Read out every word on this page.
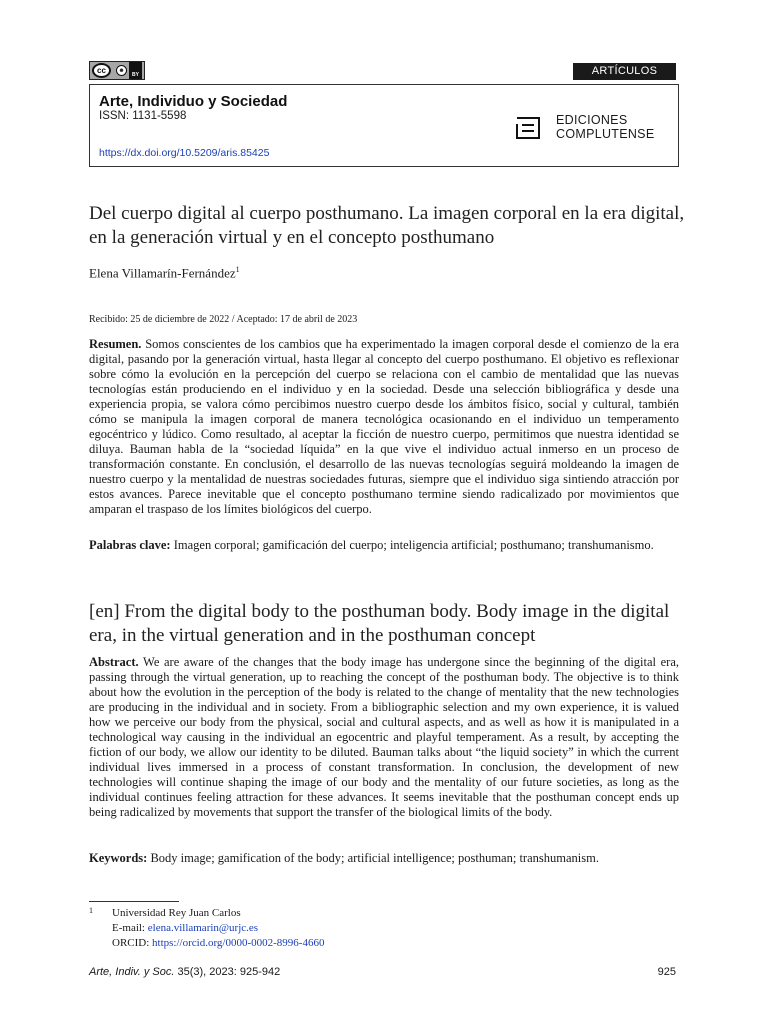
cc	☻
BY	ARTÍCULOS
Arte, Individuo y Sociedad
ISSN: 1131-5598
https://dx.doi.org/10.5209/aris.85425
EDICIONES
COMPLUTENSE
Del cuerpo digital al cuerpo posthumano. La imagen corporal en la era digital, en la generación virtual y en el concepto posthumano
Elena Villamarín-Fernández$^1$
Recibido: 25 de diciembre de 2022 / Aceptado: 17 de abril de 2023
Resumen. Somos conscientes de los cambios que ha experimentado la imagen corporal desde el comienzo de la era digital, pasando por la generación virtual, hasta llegar al concepto del cuerpo posthumano. El objetivo es reflexionar sobre cómo la evolución en la percepción del cuerpo se relaciona con el cambio de mentalidad que las nuevas tecnologías están produciendo en el individuo y en la sociedad. Desde una selección bibliográfica y desde una experiencia propia, se valora cómo percibimos nuestro cuerpo desde los ámbitos físico, social y cultural, también cómo se manipula la imagen corporal de manera tecnológica ocasionando en el individuo un temperamento egocéntrico y lúdico. Como resultado, al aceptar la ficción de nuestro cuerpo, permitimos que nuestra identidad se diluya. Bauman habla de la “sociedad líquida” en la que vive el individuo actual inmerso en un proceso de transformación constante. En conclusión, el desarrollo de las nuevas tecnologías seguirá moldeando la imagen de nuestro cuerpo y la mentalidad de nuestras sociedades futuras, siempre que el individuo siga sintiendo atracción por estos avances. Parece inevitable que el concepto posthumano termine siendo radicalizado por movimientos que amparan el traspaso de los límites biológicos del cuerpo.
Palabras clave: Imagen corporal; gamificación del cuerpo; inteligencia artificial; posthumano; transhumanismo.
[en] From the digital body to the posthuman body. Body image in the digital era, in the virtual generation and in the posthuman concept
Abstract. We are aware of the changes that the body image has undergone since the beginning of the digital era, passing through the virtual generation, up to reaching the concept of the posthuman body. The objective is to think about how the evolution in the perception of the body is related to the change of mentality that the new technologies are producing in the individual and in society. From a bibliographic selection and my own experience, it is valued how we perceive our body from the physical, social and cultural aspects, and as well as how it is manipulated in a technological way causing in the individual an egocentric and playful temperament. As a result, by accepting the fiction of our body, we allow our identity to be diluted. Bauman talks about “the liquid society” in which the current individual lives immersed in a process of constant transformation. In conclusion, the development of new technologies will continue shaping the image of our body and the mentality of our future societies, as long as the individual continues feeling attraction for these advances. It seems inevitable that the posthuman concept ends up being radicalized by movements that support the transfer of the biological limits of the body.
Keywords: Body image; gamification of the body; artificial intelligence; posthuman; transhumanism.
1 Universidad Rey Juan Carlos
E-mail: elena.villamarin@urjc.es
ORCID: https://orcid.org/0000-0002-8996-4660
Arte, Indiv. y Soc. 35(3), 2023: 925-942	925
